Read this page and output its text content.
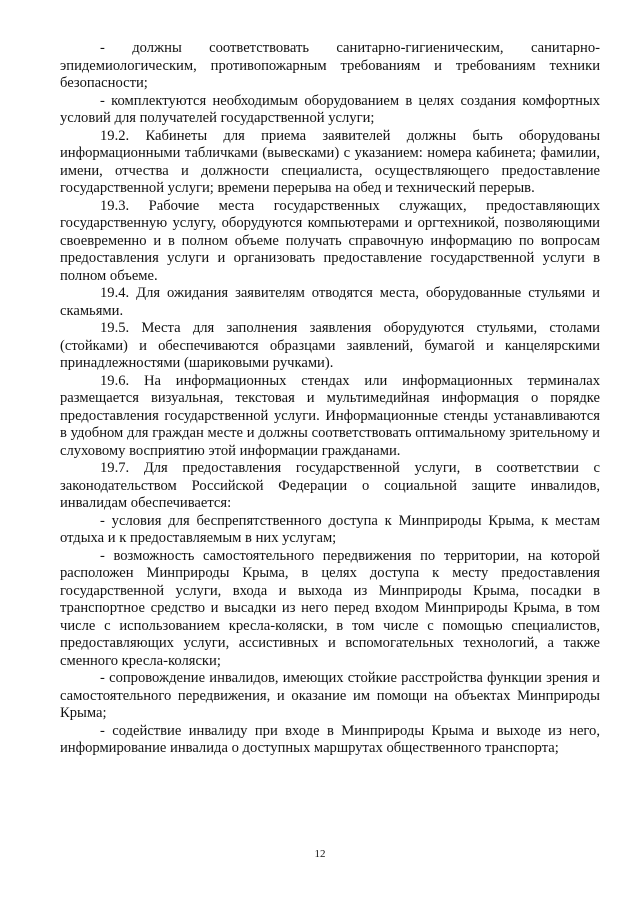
- должны соответствовать санитарно-гигиеническим, санитарно-эпидемиологическим, противопожарным требованиям и требованиям техники безопасности;

- комплектуются необходимым оборудованием в целях создания комфортных условий для получателей государственной услуги;

19.2. Кабинеты для приема заявителей должны быть оборудованы информационными табличками (вывесками) с указанием: номера кабинета; фамилии, имени, отчества и должности специалиста, осуществляющего предоставление государственной услуги; времени перерыва на обед и технический перерыв.

19.3. Рабочие места государственных служащих, предоставляющих государственную услугу, оборудуются компьютерами и оргтехникой, позволяющими своевременно и в полном объеме получать справочную информацию по вопросам предоставления услуги и организовать предоставление государственной услуги в полном объеме.

19.4. Для ожидания заявителям отводятся места, оборудованные стульями и скамьями.

19.5. Места для заполнения заявления оборудуются стульями, столами (стойками) и обеспечиваются образцами заявлений, бумагой и канцелярскими принадлежностями (шариковыми ручками).

19.6. На информационных стендах или информационных терминалах размещается визуальная, текстовая и мультимедийная информация о порядке предоставления государственной услуги. Информационные стенды устанавливаются в удобном для граждан месте и должны соответствовать оптимальному зрительному и слуховому восприятию этой информации гражданами.

19.7. Для предоставления государственной услуги, в соответствии с законодательством Российской Федерации о социальной защите инвалидов, инвалидам обеспечивается:

- условия для беспрепятственного доступа к Минприроды Крыма, к местам отдыха и к предоставляемым в них услугам;

- возможность самостоятельного передвижения по территории, на которой расположен Минприроды Крыма, в целях доступа к месту предоставления государственной услуги, входа и выхода из Минприроды Крыма, посадки в транспортное средство и высадки из него перед входом Минприроды Крыма, в том числе с использованием кресла-коляски, в том числе с помощью специалистов, предоставляющих услуги, ассистивных и вспомогательных технологий, а также сменного кресла-коляски;

- сопровождение инвалидов, имеющих стойкие расстройства функции зрения и самостоятельного передвижения, и оказание им помощи на объектах Минприроды Крыма;

- содействие инвалиду при входе в Минприроды Крыма и выходе из него, информирование инвалида о доступных маршрутах общественного транспорта;

12
